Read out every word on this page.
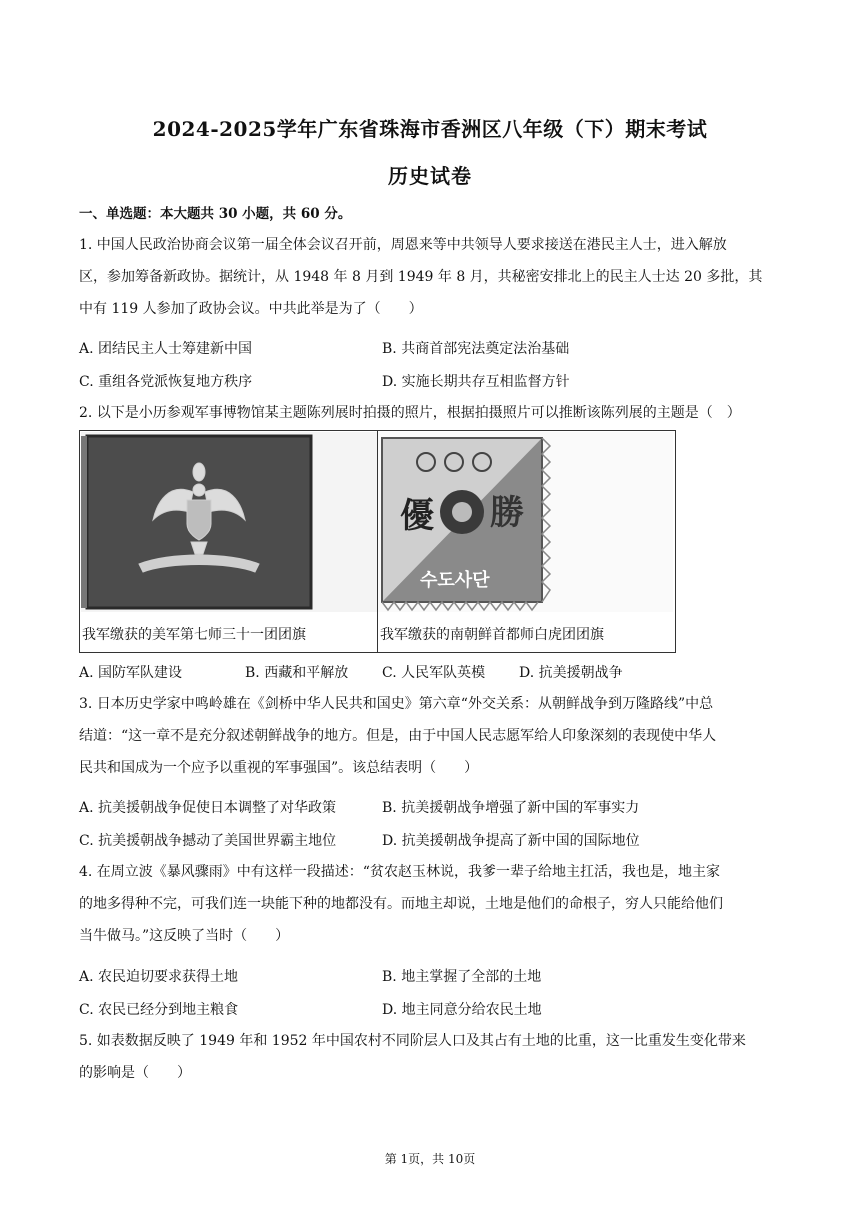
2024-2025学年广东省珠海市香洲区八年级（下）期末考试
历史试卷
一、单选题：本大题共 30 小题，共 60 分。
1. 中国人民政治协商会议第一届全体会议召开前，周恩来等中共领导人要求接送在港民主人士，进入解放
区，参加筹备新政协。据统计，从 1948 年 8 月到 1949 年 8 月，共秘密安排北上的民主人士达 20 多批，其
中有 119 人参加了政协会议。中共此举是为了（　　）
A. 团结民主人士筹建新中国	B. 共商首部宪法奠定法治基础
C. 重组各党派恢复地方秩序	D. 实施长期共存互相监督方针
2. 以下是小历参观军事博物馆某主题陈列展时拍摄的照片，根据拍摄照片可以推断该陈列展的主题是（　）
我军缴获的美军第七师三十一团团旗
優 勝
수도사단
我军缴获的南朝鲜首都师白虎团团旗
A. 国防军队建设	B. 西藏和平解放 C. 人民军队英模 D. 抗美援朝战争
3. 日本历史学家中鸣岭雄在《剑桥中华人民共和国史》第六章“外交关系：从朝鲜战争到万隆路线”中总
结道：“这一章不是充分叙述朝鲜战争的地方。但是，由于中国人民志愿军给人印象深刻的表现使中华人
民共和国成为一个应予以重视的军事强国”。该总结表明（　　）
A. 抗美援朝战争促使日本调整了对华政策	B. 抗美援朝战争增强了新中国的军事实力
C. 抗美援朝战争撼动了美国世界霸主地位	D. 抗美援朝战争提高了新中国的国际地位
4. 在周立波《暴风骤雨》中有这样一段描述：“贫农赵玉林说，我爹一辈子给地主扛活，我也是，地主家
的地多得种不完，可我们连一块能下种的地都没有。而地主却说，土地是他们的命根子，穷人只能给他们
当牛做马。”这反映了当时（　　）
A. 农民迫切要求获得土地	B. 地主掌握了全部的土地
C. 农民已经分到地主粮食	D. 地主同意分给农民土地
5. 如表数据反映了 1949 年和 1952 年中国农村不同阶层人口及其占有土地的比重，这一比重发生变化带来
的影响是（　　）
第 1页，共 10页
